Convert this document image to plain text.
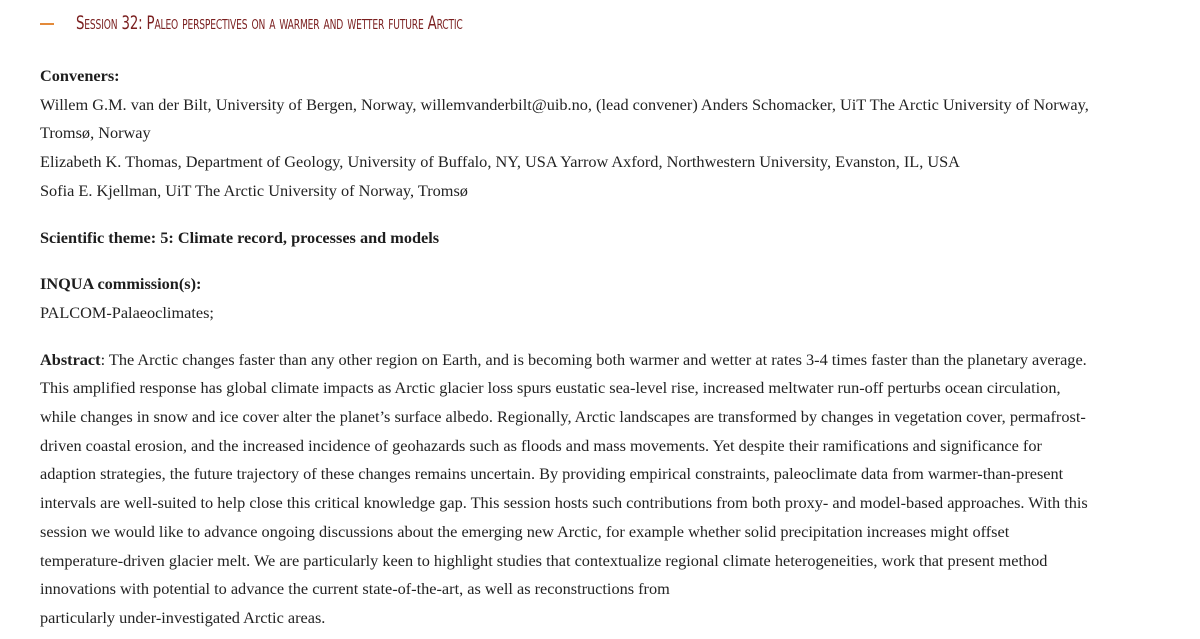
Session 32: Paleo perspectives on a warmer and wetter future Arctic
Conveners:
Willem G.M. van der Bilt, University of Bergen, Norway, willemvanderbilt@uib.no, (lead convener) Anders Schomacker, UiT The Arctic University of Norway,
Tromsø, Norway
Elizabeth K. Thomas, Department of Geology, University of Buffalo, NY, USA Yarrow Axford, Northwestern University, Evanston, IL, USA
Sofia E. Kjellman, UiT The Arctic University of Norway, Tromsø
Scientific theme: 5: Climate record, processes and models
INQUA commission(s):
PALCOM-Palaeoclimates;
Abstract: The Arctic changes faster than any other region on Earth, and is becoming both warmer and wetter at rates 3-4 times faster than the planetary average.
This amplified response has global climate impacts as Arctic glacier loss spurs eustatic sea-level rise, increased meltwater run-off perturbs ocean circulation,
while changes in snow and ice cover alter the planet’s surface albedo. Regionally, Arctic landscapes are transformed by changes in vegetation cover, permafrost-
driven coastal erosion, and the increased incidence of geohazards such as floods and mass movements. Yet despite their ramifications and significance for
adaption strategies, the future trajectory of these changes remains uncertain. By providing empirical constraints, paleoclimate data from warmer-than-present
intervals are well-suited to help close this critical knowledge gap. This session hosts such contributions from both proxy- and model-based approaches. With this
session we would like to advance ongoing discussions about the emerging new Arctic, for example whether solid precipitation increases might offset
temperature-driven glacier melt. We are particularly keen to highlight studies that contextualize regional climate heterogeneities, work that present method
innovations with potential to advance the current state-of-the-art, as well as reconstructions from
particularly under-investigated Arctic areas.
